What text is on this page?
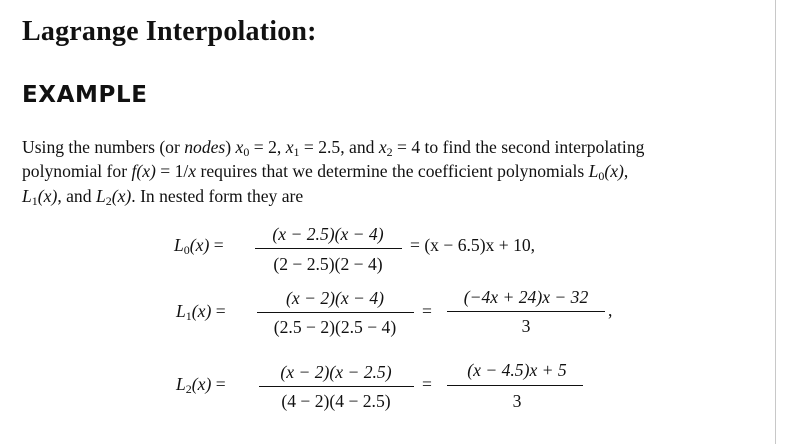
Lagrange Interpolation:
EXAMPLE
Using the numbers (or nodes) $x_0 = 2$, $x_1 = 2.5$, and $x_2 = 4$ to find the second interpolating
polynomial for f(x) = 1/x requires that we determine the coefficient polynomials $L_0(x)$,
$L_1(x)$, and $L_2(x)$. In nested form they are
$L_0(x)$ =
(x − 2.5)(x − 4)
(2 − 2.5)(2 − 4)
= (x − 6.5)x + 10,
$L_1(x)$ =
(x − 2)(x − 4)
(2.5 − 2)(2.5 − 4)
=
(−4x + 24)x − 32
3
,
$L_2(x)$ =
(x − 2)(x − 2.5)
(4 − 2)(4 − 2.5)
=
(x − 4.5)x + 5
3
